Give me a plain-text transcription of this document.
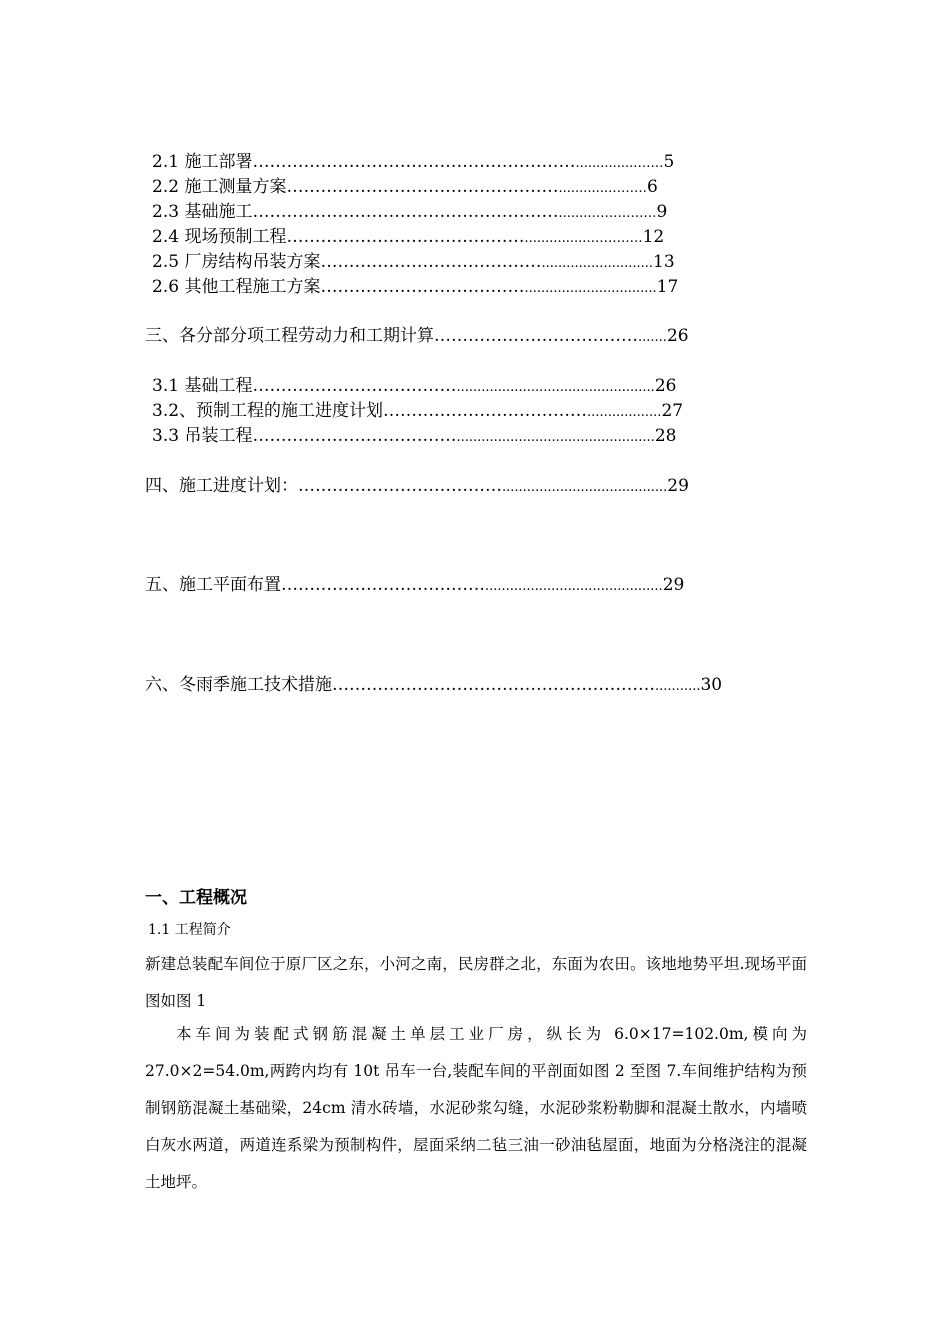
2.1 施工部署…………………………………………………...............……5
2.2 施工测量方案…………………………………………............………6
2.3 基础施工………………………………………………........……………9
2.4 现场预制工程……………………………………................…………12
2.5 厂房结构吊装方案…………………………………...........................13
2.6 其他工程施工方案………………………………................................17
三、各分部分项工程劳动力和工期计算……………………………….......26
3.1 基础工程………………………………................................................26
3.2、预制工程的施工进度计划………………………………..................27
3.3 吊装工程………………………………................................................28
四、施工进度计划：………………………………........................................29
五、施工平面布置………………………………...........................................29
六、冬雨季施工技术措施…………………………………………………...........30
一、工程概况
1.1 工程简介
新建总装配车间位于原厂区之东，小河之南，民房群之北，东面为农田。该地地势平坦.现场平面图如图 1
本车间为装配式钢筋混凝土单层工业厂房，纵长为 6.0×17=102.0m,模向为 27.0×2=54.0m,两跨内均有 10t 吊车一台,装配车间的平剖面如图 2 至图 7.车间维护结构为预制钢筋混凝土基础梁，24cm 清水砖墙，水泥砂浆勾缝，水泥砂浆粉勒脚和混凝土散水，内墙喷白灰水两道，两道连系梁为预制构件，屋面采纳二毡三油一砂油毡屋面，地面为分格浇注的混凝土地坪。
